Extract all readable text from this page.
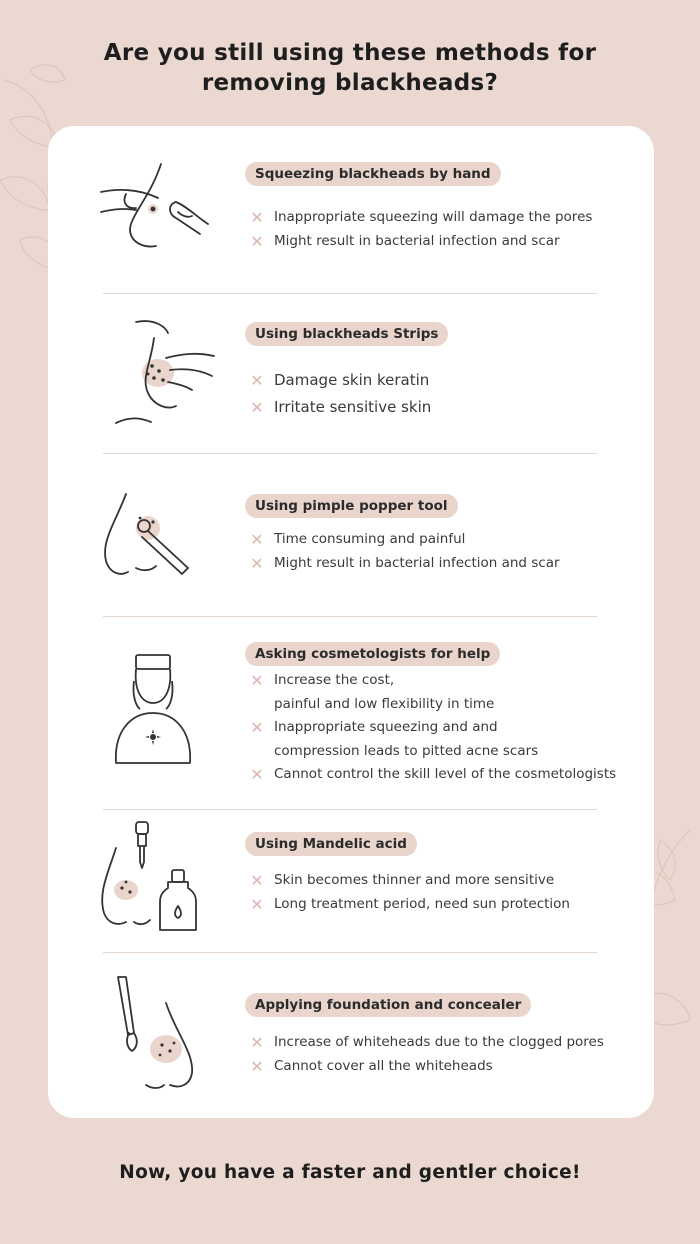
Are you still using these methods for
removing blackheads?
Squeezing blackheads by hand
✕ Inappropriate squeezing will damage the pores
✕ Might result in bacterial infection and scar
Using blackheads Strips
✕ Damage skin keratin
✕ Irritate sensitive skin
Using pimple popper tool
✕ Time consuming and painful
✕ Might result in bacterial infection and scar
Asking cosmetologists for help
✕ Increase the cost,
painful and low flexibility in time
✕ Inappropriate squeezing and and
compression leads to pitted acne scars
✕ Cannot control the skill level of the cosmetologists
Using Mandelic acid
✕ Skin becomes thinner and more sensitive
✕ Long treatment period, need sun protection
Applying foundation and concealer
✕ Increase of whiteheads due to the clogged pores
✕ Cannot cover all the whiteheads
Now, you have a faster and gentler choice!
